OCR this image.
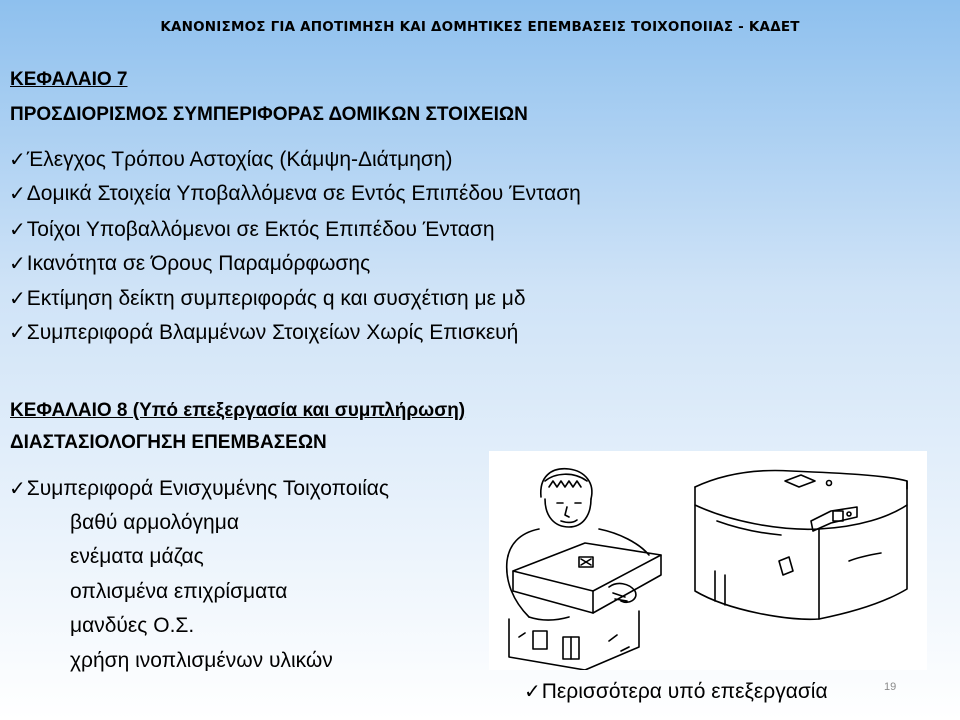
ΚΑΝΟΝΙΣΜΟΣ ΓΙΑ ΑΠΟΤΙΜΗΣΗ ΚΑΙ ΔΟΜΗΤΙΚΕΣ ΕΠΕΜΒΑΣΕΙΣ ΤΟΙΧΟΠΟΙΙΑΣ - ΚΑΔΕΤ
ΚΕΦΑΛΑΙΟ 7
ΠΡΟΣΔΙΟΡΙΣΜΟΣ ΣΥΜΠΕΡΙΦΟΡΑΣ ΔΟΜΙΚΩΝ ΣΤΟΙΧΕΙΩΝ
✓Έλεγχος Τρόπου Αστοχίας (Κάμψη-Διάτμηση)
✓Δομικά Στοιχεία Υποβαλλόμενα σε Εντός Επιπέδου Ένταση
✓Τοίχοι Υποβαλλόμενοι σε Εκτός Επιπέδου Ένταση
✓Ικανότητα σε Όρους Παραμόρφωσης
✓Εκτίμηση δείκτη συμπεριφοράς q και συσχέτιση με μδ
✓Συμπεριφορά Βλαμμένων Στοιχείων Χωρίς Επισκευή
ΚΕΦΑΛΑΙΟ 8 (Υπό επεξεργασία και συμπλήρωση)
ΔΙΑΣΤΑΣΙΟΛΟΓΗΣΗ ΕΠΕΜΒΑΣΕΩΝ
✓Συμπεριφορά Ενισχυμένης Τοιχοποιίας
βαθύ αρμολόγημα
ενέματα μάζας
οπλισμένα επιχρίσματα
μανδύες Ο.Σ.
χρήση ινοπλισμένων υλικών
✓Περισσότερα υπό επεξεργασία	19
